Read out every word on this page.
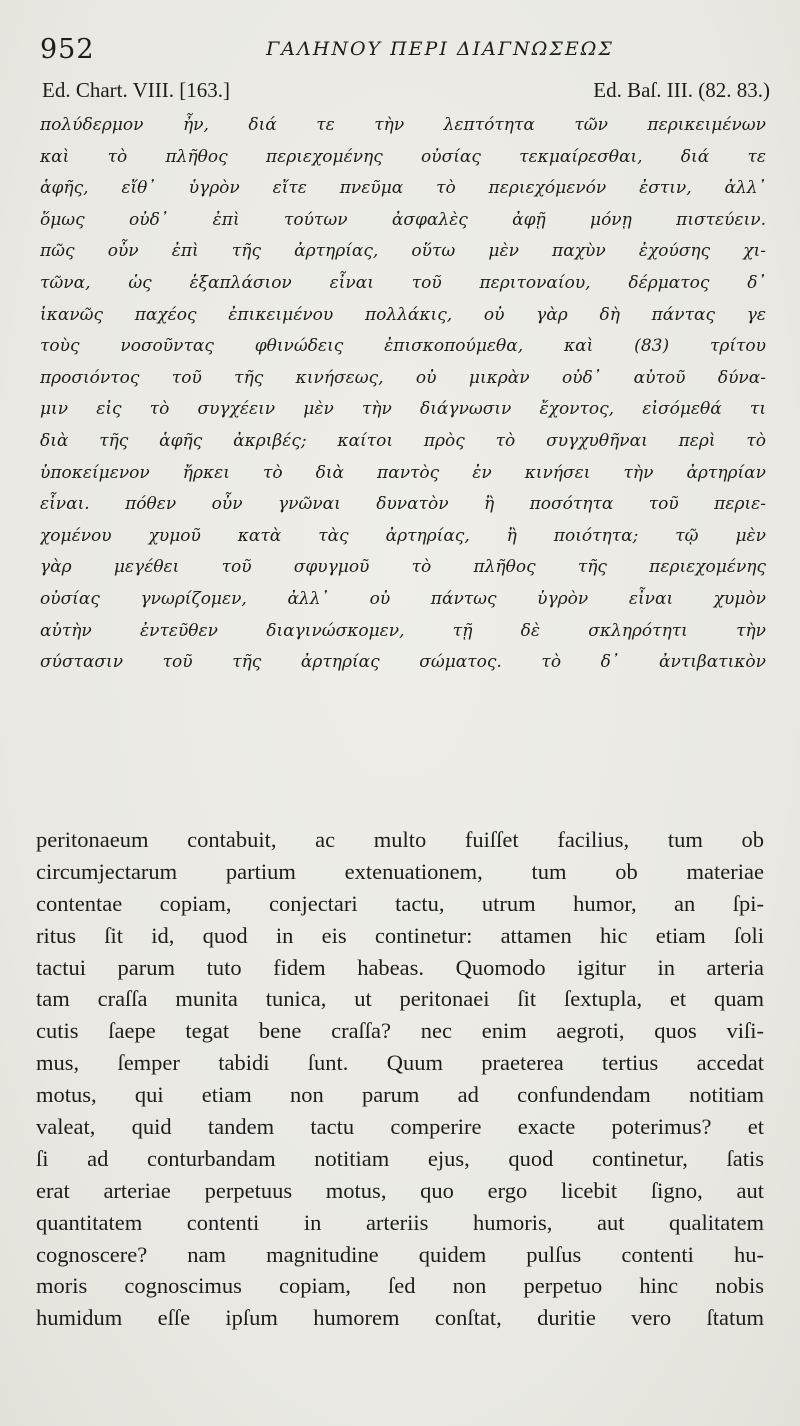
952	ΓΑΛΗΝΟΥ ΠΕΡΙ ΔΙΑΓΝΩΣΕΩΣ
Ed. Chart. VIII. [163.]	Ed. Baſ. III. (82. 83.)
πολύδερμον ἦν, διά τε τὴν λεπτότητα τῶν περικειμένων
καὶ τὸ πλῆθος περιεχομένης οὐσίας τεκμαίρεσθαι, διά τε
ἁφῆς, εἴθ᾽ ὑγρὸν εἴτε πνεῦμα τὸ περιεχόμενόν ἐστιν, ἀλλ᾽
ὅμως οὐδ᾽ ἐπὶ τούτων ἀσφαλὲς ἀφῇ μόνῃ πιστεύειν.
πῶς οὖν ἐπὶ τῆς ἀρτηρίας, οὕτω μὲν παχὺν ἐχούσης χι-
τῶνα, ὡς ἑξαπλάσιον εἶναι τοῦ περιτοναίου, δέρματος δ᾽
ἱκανῶς παχέος ἐπικειμένου πολλάκις, οὐ γὰρ δὴ πάντας γε
τοὺς νοσοῦντας φθινώδεις ἐπισκοπούμεθα, καὶ (83) τρίτου
προσιόντος τοῦ τῆς κινήσεως, οὐ μικρὰν οὐδ᾽ αὐτοῦ δύνα-
μιν εἰς τὸ συγχέειν μὲν τὴν διάγνωσιν ἔχοντος, εἰσόμεθά τι
διὰ τῆς ἁφῆς ἀκριβές; καίτοι πρὸς τὸ συγχυθῆναι περὶ τὸ
ὑποκείμενον ἤρκει τὸ διὰ παντὸς ἐν κινήσει τὴν ἀρτηρίαν
εἶναι. πόθεν οὖν γνῶναι δυνατὸν ἢ ποσότητα τοῦ περιε-
χομένου χυμοῦ κατὰ τὰς ἀρτηρίας, ἢ ποιότητα; τῷ μὲν
γὰρ μεγέθει τοῦ σφυγμοῦ τὸ πλῆθος τῆς περιεχομένης
οὐσίας γνωρίζομεν, ἀλλ᾽ οὐ πάντως ὑγρὸν εἶναι χυμὸν
αὐτὴν ἐντεῦθεν διαγινώσκομεν, τῇ δὲ σκληρότητι τὴν
σύστασιν τοῦ τῆς ἀρτηρίας σώματος. τὸ δ᾽ ἀντιβατικὸν
peritonaeum contabuit, ac multo fuiſſet facilius, tum ob
circumjectarum partium extenuationem, tum ob materiae
contentae copiam, conjectari tactu, utrum humor, an ſpi-
ritus ſit id, quod in eis continetur: attamen hic etiam ſoli
tactui parum tuto fidem habeas. Quomodo igitur in arteria
tam craſſa munita tunica, ut peritonaei ſit ſextupla, et quam
cutis ſaepe tegat bene craſſa? nec enim aegroti, quos viſi-
mus, ſemper tabidi ſunt. Quum praeterea tertius accedat
motus, qui etiam non parum ad confundendam notitiam
valeat, quid tandem tactu comperire exacte poterimus? et
ſi ad conturbandam notitiam ejus, quod continetur, ſatis
erat arteriae perpetuus motus, quo ergo licebit ſigno, aut
quantitatem contenti in arteriis humoris, aut qualitatem
cognoscere? nam magnitudine quidem pulſus contenti hu-
moris cognoscimus copiam, ſed non perpetuo hinc nobis
humidum eſſe ipſum humorem conſtat, duritie vero ſtatum
